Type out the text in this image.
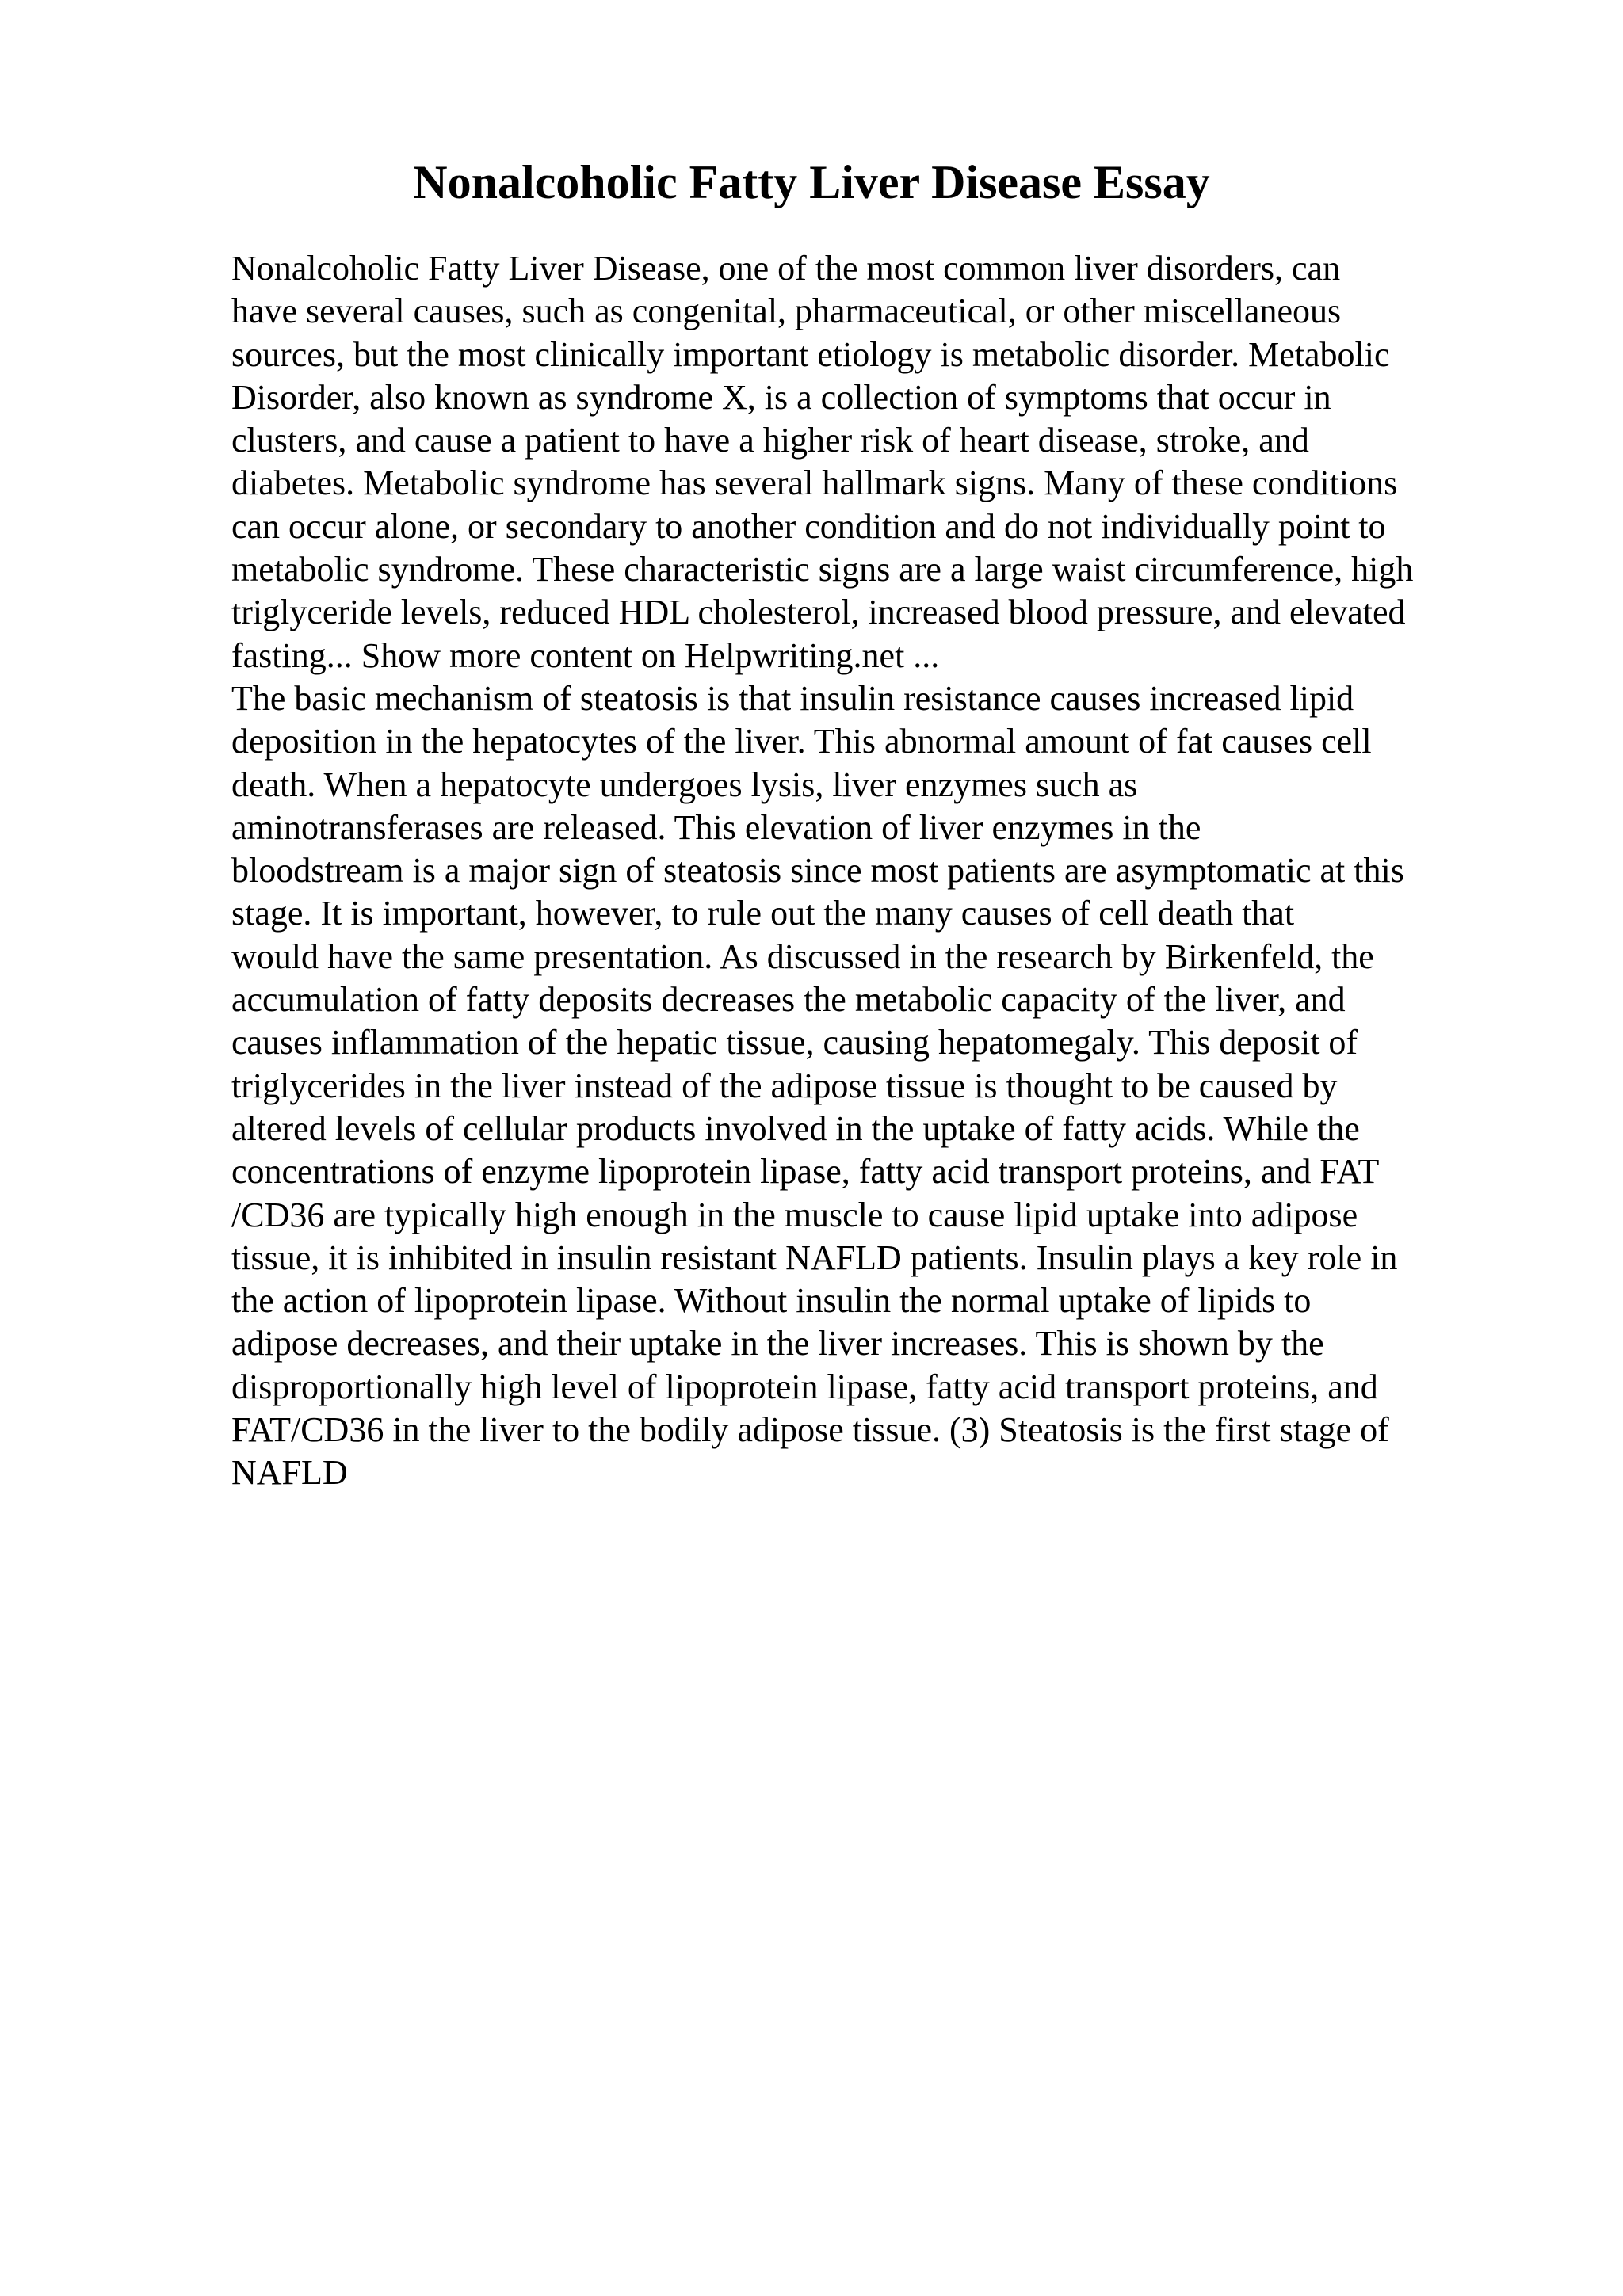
Nonalcoholic Fatty Liver Disease Essay
Nonalcoholic Fatty Liver Disease, one of the most common liver disorders, can
have several causes, such as congenital, pharmaceutical, or other miscellaneous
sources, but the most clinically important etiology is metabolic disorder. Metabolic
Disorder, also known as syndrome X, is a collection of symptoms that occur in
clusters, and cause a patient to have a higher risk of heart disease, stroke, and
diabetes. Metabolic syndrome has several hallmark signs. Many of these conditions
can occur alone, or secondary to another condition and do not individually point to
metabolic syndrome. These characteristic signs are a large waist circumference, high
triglyceride levels, reduced HDL cholesterol, increased blood pressure, and elevated
fasting... Show more content on Helpwriting.net ...
The basic mechanism of steatosis is that insulin resistance causes increased lipid
deposition in the hepatocytes of the liver. This abnormal amount of fat causes cell
death. When a hepatocyte undergoes lysis, liver enzymes such as
aminotransferases are released. This elevation of liver enzymes in the
bloodstream is a major sign of steatosis since most patients are asymptomatic at this
stage. It is important, however, to rule out the many causes of cell death that
would have the same presentation. As discussed in the research by Birkenfeld, the
accumulation of fatty deposits decreases the metabolic capacity of the liver, and
causes inflammation of the hepatic tissue, causing hepatomegaly. This deposit of
triglycerides in the liver instead of the adipose tissue is thought to be caused by
altered levels of cellular products involved in the uptake of fatty acids. While the
concentrations of enzyme lipoprotein lipase, fatty acid transport proteins, and FAT
/CD36 are typically high enough in the muscle to cause lipid uptake into adipose
tissue, it is inhibited in insulin resistant NAFLD patients. Insulin plays a key role in
the action of lipoprotein lipase. Without insulin the normal uptake of lipids to
adipose decreases, and their uptake in the liver increases. This is shown by the
disproportionally high level of lipoprotein lipase, fatty acid transport proteins, and
FAT/CD36 in the liver to the bodily adipose tissue. (3) Steatosis is the first stage of
NAFLD
